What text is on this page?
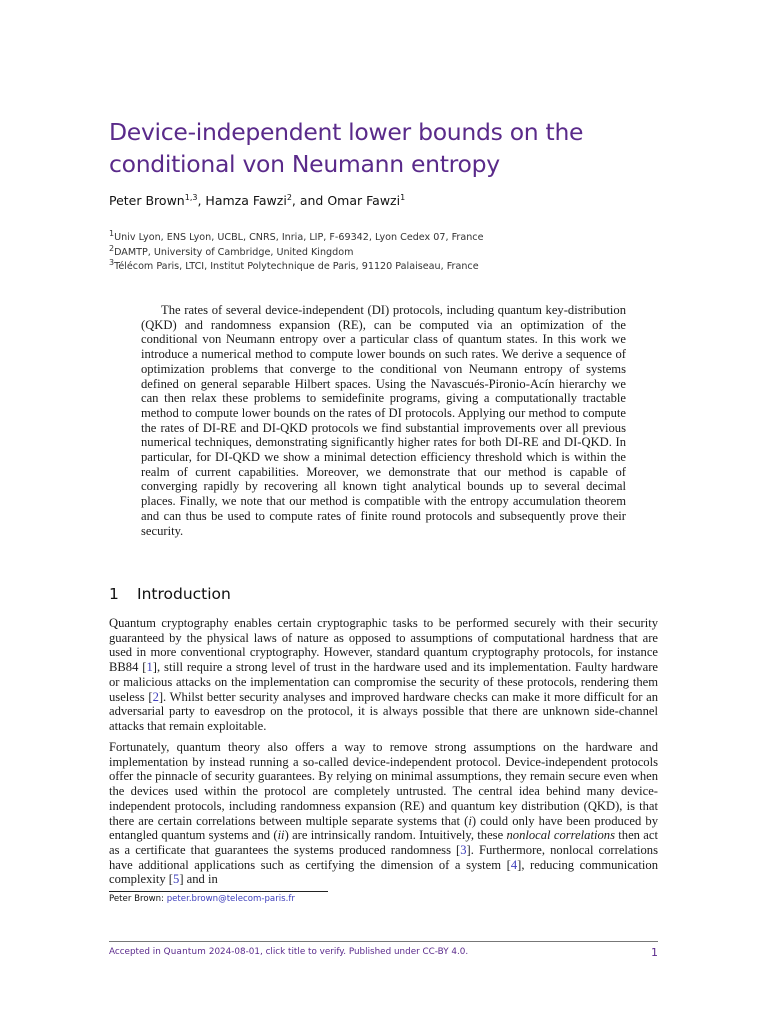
Device-independent lower bounds on the conditional von Neumann entropy
Peter Brown$^{1,3}$, Hamza Fawzi$^2$, and Omar Fawzi$^1$
$^1$Univ Lyon, ENS Lyon, UCBL, CNRS, Inria, LIP, F-69342, Lyon Cedex 07, France
$^2$DAMTP, University of Cambridge, United Kingdom
$^3$Télécom Paris, LTCI, Institut Polytechnique de Paris, 91120 Palaiseau, France

The rates of several device-independent (DI) protocols, including quantum key-distribution (QKD) and randomness expansion (RE), can be computed via an optimization of the conditional von Neumann entropy over a particular class of quantum states. In this work we introduce a numerical method to compute lower bounds on such rates. We derive a sequence of optimization problems that converge to the conditional von Neumann entropy of systems defined on general separable Hilbert spaces. Using the Navascués-Pironio-Acín hierarchy we can then relax these problems to semidefinite programs, giving a computationally tractable method to compute lower bounds on the rates of DI protocols. Applying our method to compute the rates of DI-RE and DI-QKD protocols we find substantial improvements over all previous numerical techniques, demonstrating significantly higher rates for both DI-RE and DI-QKD. In particular, for DI-QKD we show a minimal detection efficiency threshold which is within the realm of current capabilities. Moreover, we demonstrate that our method is capable of converging rapidly by recovering all known tight analytical bounds up to several decimal places. Finally, we note that our method is compatible with the entropy accumulation theorem and can thus be used to compute rates of finite round protocols and subsequently prove their security.

1 Introduction

Quantum cryptography enables certain cryptographic tasks to be performed securely with their security guaranteed by the physical laws of nature as opposed to assumptions of computational hardness that are used in more conventional cryptography. However, standard quantum cryptography protocols, for instance BB84 [1], still require a strong level of trust in the hardware used and its implementation. Faulty hardware or malicious attacks on the implementation can compromise the security of these protocols, rendering them useless [2]. Whilst better security analyses and improved hardware checks can make it more difficult for an adversarial party to eavesdrop on the protocol, it is always possible that there are unknown side-channel attacks that remain exploitable.

Fortunately, quantum theory also offers a way to remove strong assumptions on the hardware and implementation by instead running a so-called device-independent protocol. Device-independent protocols offer the pinnacle of security guarantees. By relying on minimal assumptions, they remain secure even when the devices used within the protocol are completely untrusted. The central idea behind many device-independent protocols, including randomness expansion (RE) and quantum key distribution (QKD), is that there are certain correlations between multiple separate systems that (i) could only have been produced by entangled quantum systems and (ii) are intrinsically random. Intuitively, these nonlocal correlations then act as a certificate that guarantees the systems produced randomness [3]. Furthermore, nonlocal correlations have additional applications such as certifying the dimension of a system [4], reducing communication complexity [5] and in

Peter Brown: peter.brown@telecom-paris.fr
Accepted in Quantum 2024-08-01, click title to verify. Published under CC-BY 4.0.	1
